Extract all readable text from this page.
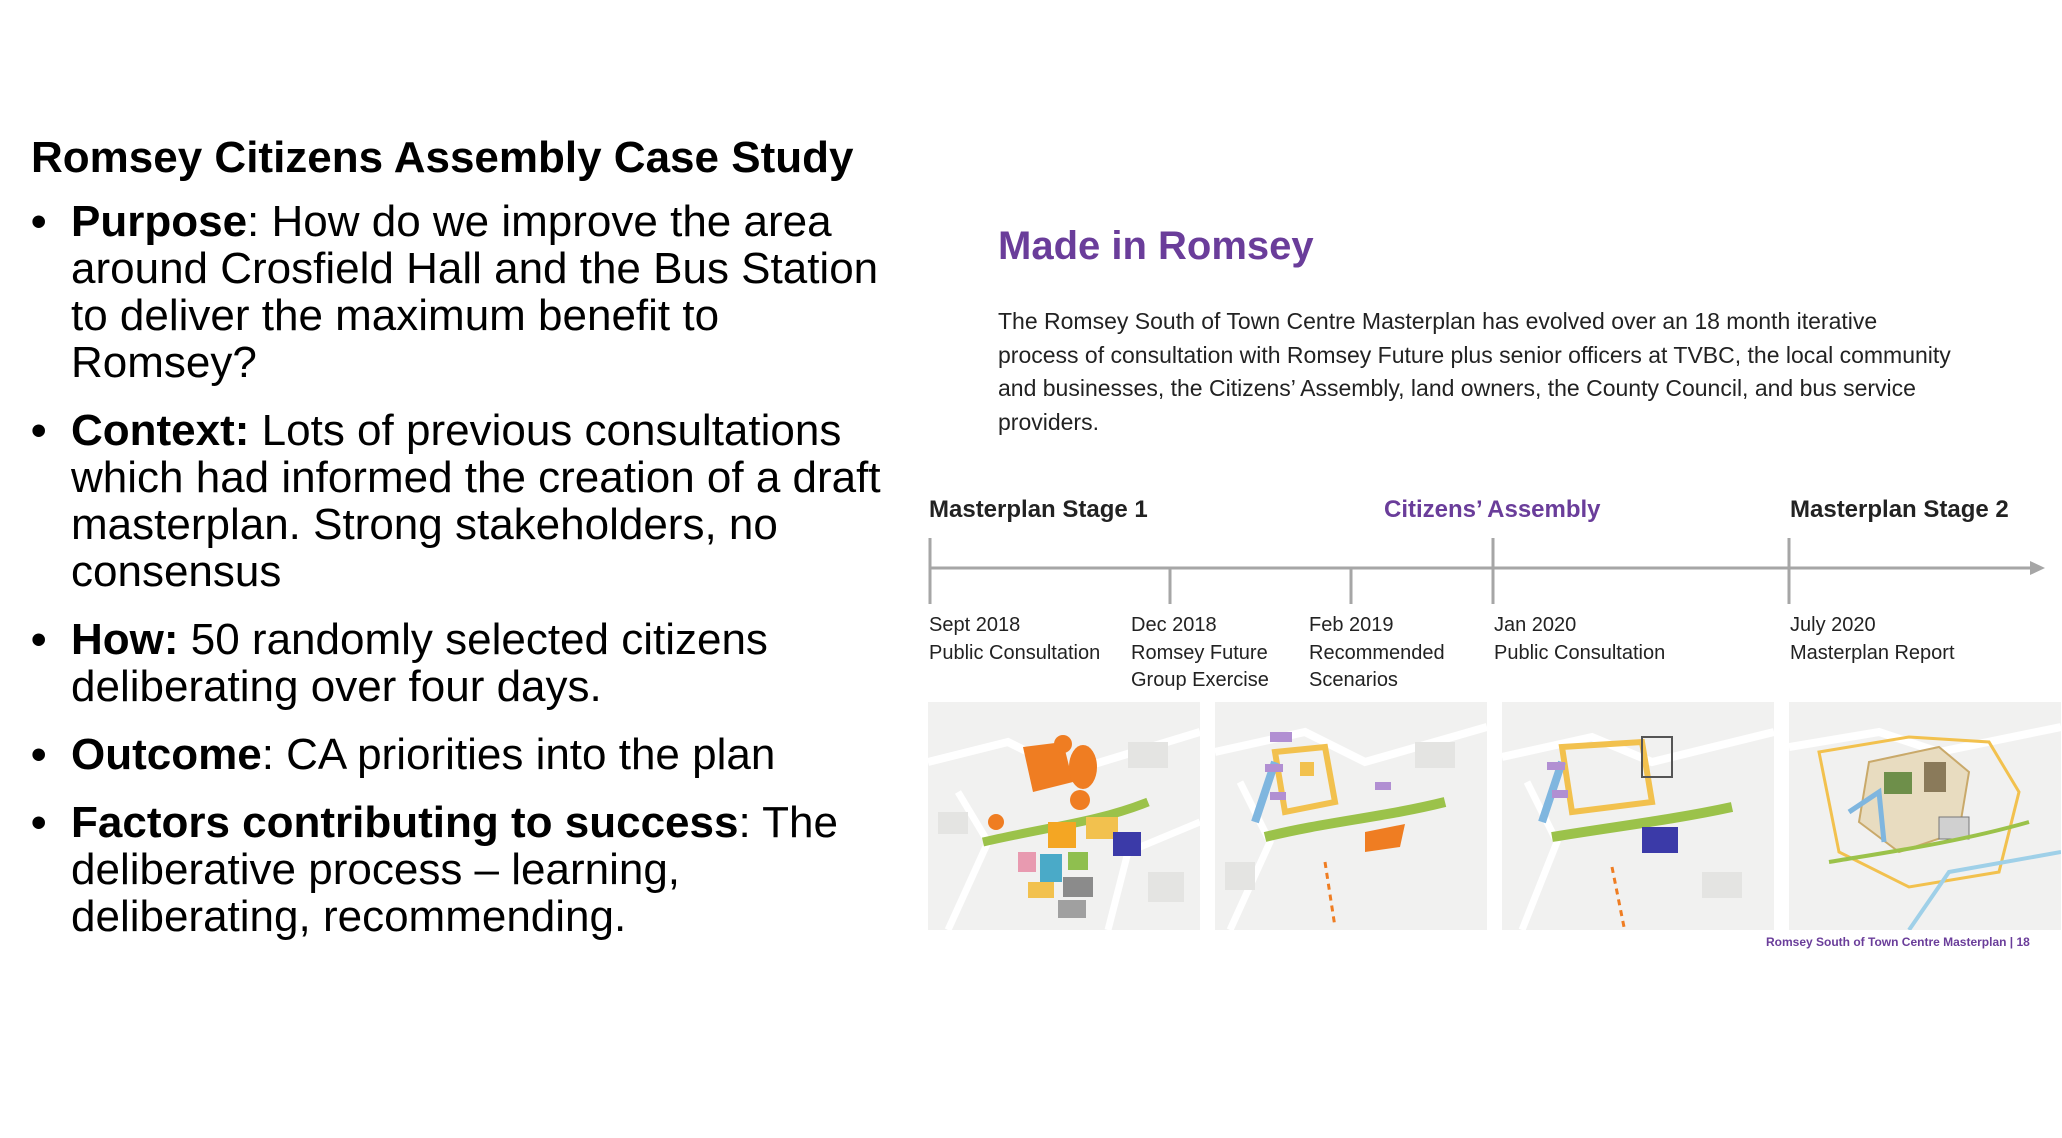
Romsey Citizens Assembly Case Study
• Purpose: How do we improve the area around Crosfield Hall and the Bus Station to deliver the maximum benefit to Romsey?
• Context: Lots of previous consultations which had informed the creation of a draft masterplan. Strong stakeholders, no consensus
• How: 50 randomly selected citizens deliberating over four days.
• Outcome: CA priorities into the plan
• Factors contributing to success: The deliberative process – learning, deliberating, recommending.
Made in Romsey
The Romsey South of Town Centre Masterplan has evolved over an 18 month iterative process of consultation with Romsey Future plus senior officers at TVBC, the local community and businesses, the Citizens’ Assembly, land owners, the County Council, and bus service providers.
Masterplan Stage 1	Citizens’ Assembly	Masterplan Stage 2
Sept 2018
Public Consultation
Dec 2018
Romsey Future
Group Exercise
Feb 2019
Recommended
Scenarios
Jan 2020
Public Consultation
July 2020
Masterplan Report
Romsey South of Town Centre Masterplan | 18
